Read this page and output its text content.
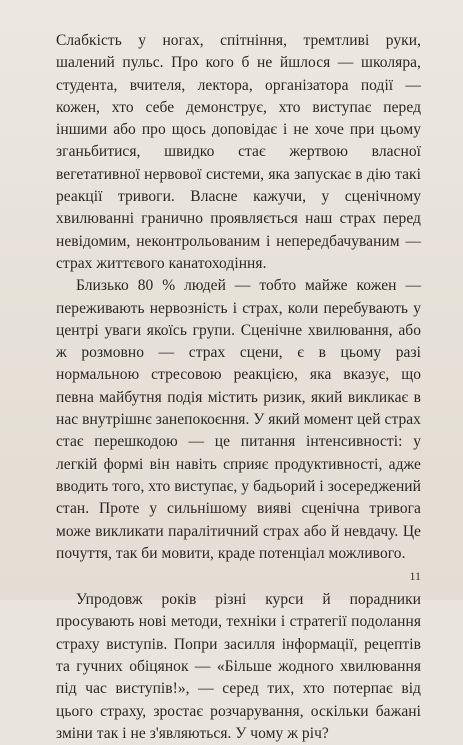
Слабкість у ногах, спітніння, тремтливі руки, шалений пульс. Про кого б не йшлося — школяра, студента, вчителя, лектора, організатора події — кожен, хто себе демонструє, хто виступає перед іншими або про щось доповідає і не хоче при цьому зганьбитися, швидко стає жертвою власної вегетативної нервової системи, яка запускає в дію такі реакції тривоги. Власне кажучи, у сценічному хвилюванні гранично проявляється наш страх перед невідомим, неконтрольованим і непередбачуваним — страх життєвого канатоходіння.

Близько 80 % людей — тобто майже кожен — переживають нервозність і страх, коли перебувають у центрі уваги якоїсь групи. Сценічне хвилювання, або ж розмовно — страх сцени, є в цьому разі нормальною стресовою реакцією, яка вказує, що певна майбутня подія містить ризик, який викликає в нас внутрішнє занепокоєння. У який момент цей страх стає перешкодою — це питання інтенсивності: у легкій формі він навіть сприяє продуктивності, адже вводить того, хто виступає, у бадьорий і зосереджений стан. Проте у сильнішому вияві сценічна тривога може викликати паралітичний страх або й невдачу. Це почуття, так би мовити, краде потенціал можливого.

Упродовж років різні курси й порадники просувають нові методи, техніки і стратегії подолання страху виступів. Попри засилля інформації, рецептів та гучних обіцянок — «Більше жодного хвилювання під час виступів!», — серед тих, хто потерпає від цього страху, зростає розчарування, оскільки бажані зміни так і не з'являються. У чому ж річ?

11
